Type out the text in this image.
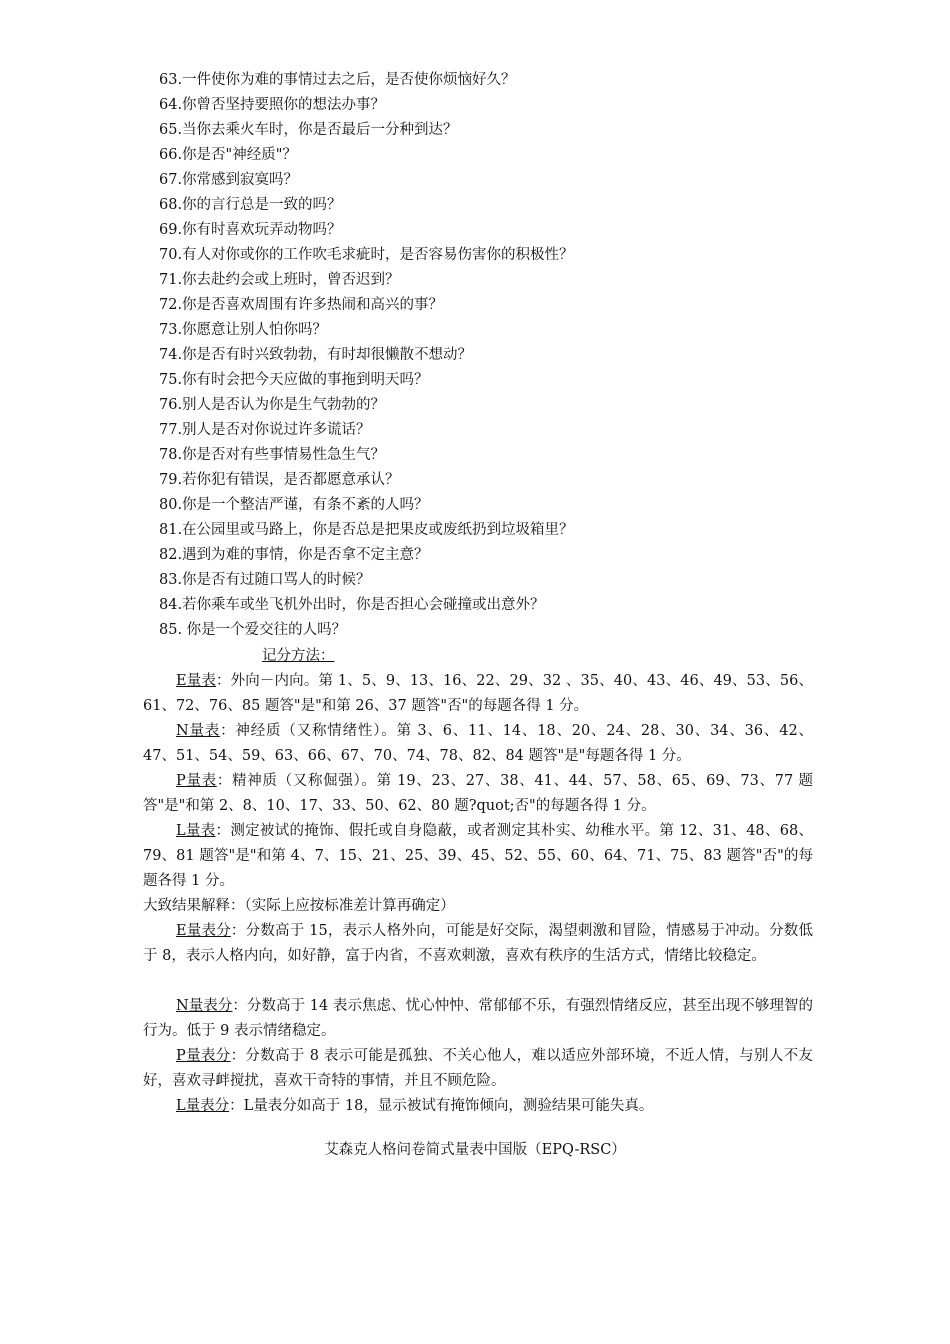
63.一件使你为难的事情过去之后，是否使你烦恼好久？
64.你曾否坚持要照你的想法办事？
65.当你去乘火车时，你是否最后一分种到达？
66.你是否"神经质"？
67.你常感到寂寞吗？
68.你的言行总是一致的吗？
69.你有时喜欢玩弄动物吗？
70.有人对你或你的工作吹毛求疵时，是否容易伤害你的积极性？
71.你去赴约会或上班时，曾否迟到？
72.你是否喜欢周围有许多热闹和高兴的事？
73.你愿意让别人怕你吗？
74.你是否有时兴致勃勃，有时却很懒散不想动？
75.你有时会把今天应做的事拖到明天吗？
76.别人是否认为你是生气勃勃的？
77.别人是否对你说过许多谎话？
78.你是否对有些事情易性急生气？
79.若你犯有错误，是否都愿意承认？
80.你是一个整洁严谨，有条不紊的人吗？
81.在公园里或马路上，你是否总是把果皮或废纸扔到垃圾箱里？
82.遇到为难的事情，你是否拿不定主意？
83.你是否有过随口骂人的时候？
84.若你乘车或坐飞机外出时，你是否担心会碰撞或出意外？
85. 你是一个爱交往的人吗？
记分方法：
E量表：外向－内向。第 1、5、9、13、16、22、29、32 、35、40、43、46、49、53、56、61、72、76、85 题答"是"和第 26、37 题答"否"的每题各得 1 分。
N量表：神经质（又称情绪性）。第 3、6、11、14、18、20、24、28、30、34、36、42、47、51、54、59、63、66、67、70、74、78、82、84 题答"是"每题各得 1 分。
P量表：精神质（又称倔强）。第 19、23、27、38、41、44、57、58、65、69、73、77 题答"是"和第 2、8、10、17、33、50、62、80 题?quot;否"的每题各得 1 分。
L量表：测定被试的掩饰、假托或自身隐蔽，或者测定其朴实、幼稚水平。第 12、31、48、68、79、81 题答"是"和第 4、7、15、21、25、39、45、52、55、60、64、71、75、83 题答"否"的每题各得 1 分。
大致结果解释：（实际上应按标准差计算再确定）
E量表分：分数高于 15，表示人格外向，可能是好交际，渴望刺激和冒险，情感易于冲动。分数低于 8，表示人格内向，如好静，富于内省，不喜欢刺激，喜欢有秩序的生活方式，情绪比较稳定。
N量表分：分数高于 14 表示焦虑、忧心忡忡、常郁郁不乐，有强烈情绪反应，甚至出现不够理智的行为。低于 9 表示情绪稳定。
P量表分：分数高于 8 表示可能是孤独、不关心他人，难以适应外部环境，不近人情，与别人不友好，喜欢寻衅搅扰，喜欢干奇特的事情，并且不顾危险。
L量表分：L量表分如高于 18，显示被试有掩饰倾向，测验结果可能失真。
艾森克人格问卷简式量表中国版（EPQ-RSC）
